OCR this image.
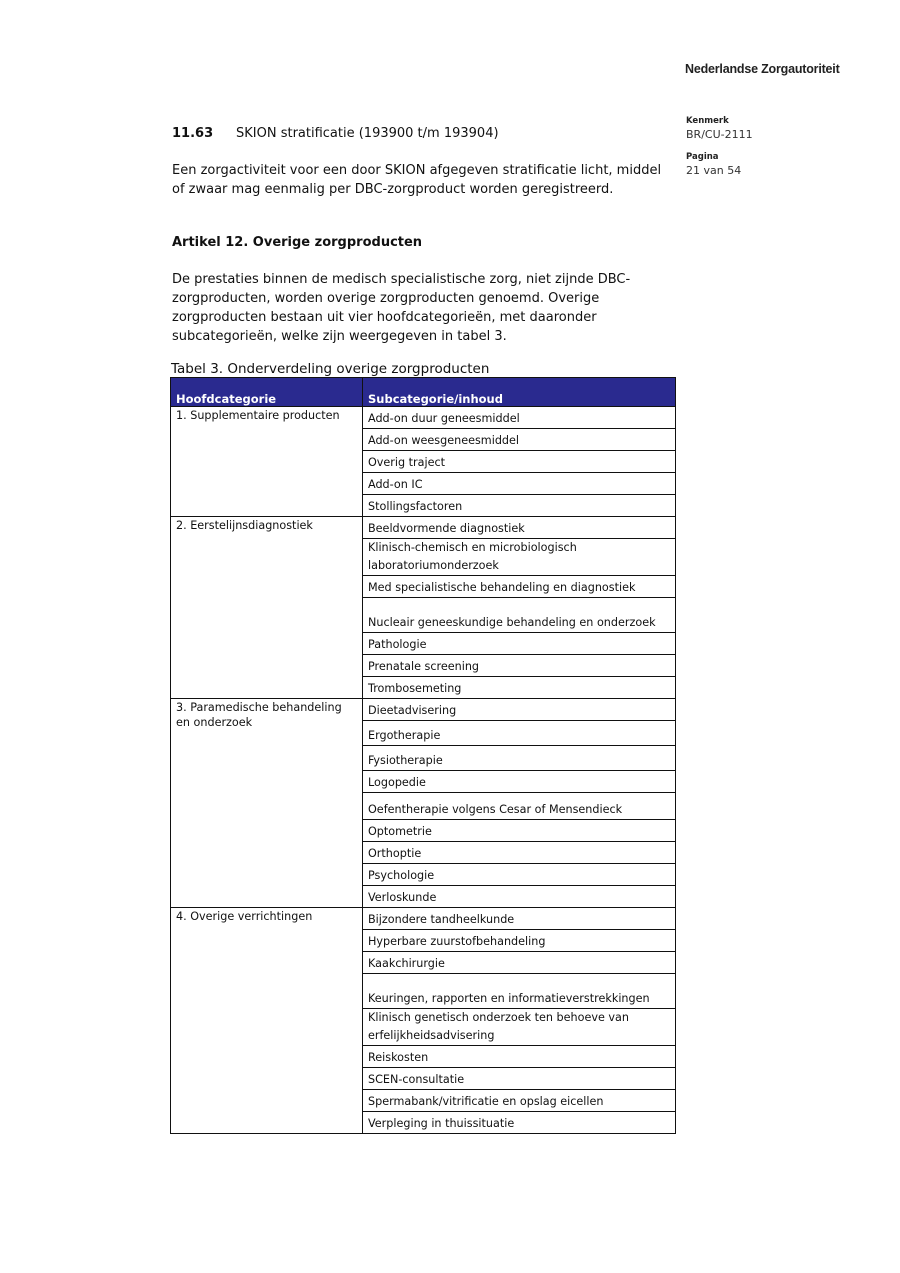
Nederlandse Zorgautoriteit
Kenmerk
BR/CU-2111
Pagina
21 van 54
11.63 SKION stratificatie (193900 t/m 193904)
Een zorgactiviteit voor een door SKION afgegeven stratificatie licht, middel of zwaar mag eenmalig per DBC-zorgproduct worden geregistreerd.
Artikel 12. Overige zorgproducten
De prestaties binnen de medisch specialistische zorg, niet zijnde DBC-zorgproducten, worden overige zorgproducten genoemd. Overige zorgproducten bestaan uit vier hoofdcategorieën, met daaronder subcategorieën, welke zijn weergegeven in tabel 3.
Tabel 3. Onderverdeling overige zorgproducten
Hoofdcategorie	Subcategorie/inhoud
1. Supplementaire producten	Add-on duur geneesmiddel
	Add-on weesgeneesmiddel
	Overig traject
	Add-on IC
	Stollingsfactoren
2. Eerstelijnsdiagnostiek	Beeldvormende diagnostiek
	Klinisch-chemisch en microbiologisch laboratoriumonderzoek
	Med specialistische behandeling en diagnostiek
	Nucleair geneeskundige behandeling en onderzoek
	Pathologie
	Prenatale screening
	Trombosemeting
3. Paramedische behandeling en onderzoek	Dieetadvisering
	Ergotherapie
	Fysiotherapie
	Logopedie
	Oefentherapie volgens Cesar of Mensendieck
	Optometrie
	Orthoptie
	Psychologie
	Verloskunde
4. Overige verrichtingen	Bijzondere tandheelkunde
	Hyperbare zuurstofbehandeling
	Kaakchirurgie
	Keuringen, rapporten en informatieverstrekkingen
	Klinisch genetisch onderzoek ten behoeve van erfelijkheidsadvisering
	Reiskosten
	SCEN-consultatie
	Spermabank/vitrificatie en opslag eicellen
	Verpleging in thuissituatie
